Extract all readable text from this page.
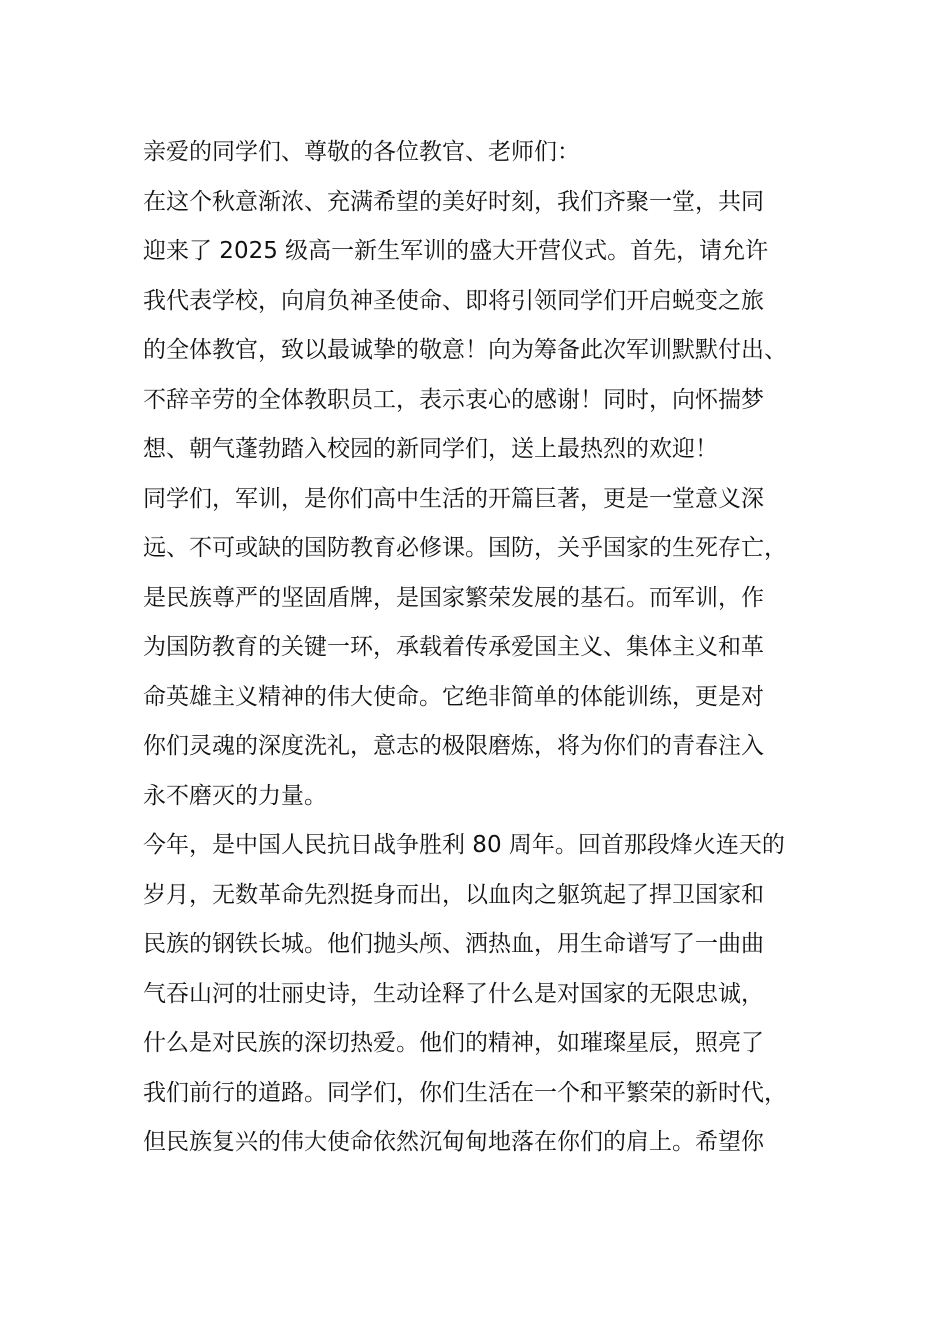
亲爱的同学们、尊敬的各位教官、老师们：
在这个秋意渐浓、充满希望的美好时刻，我们齐聚一堂，共同
迎来了 2025 级高一新生军训的盛大开营仪式。首先，请允许
我代表学校，向肩负神圣使命、即将引领同学们开启蜕变之旅
的全体教官，致以最诚挚的敬意！向为筹备此次军训默默付出、
不辞辛劳的全体教职员工，表示衷心的感谢！同时，向怀揣梦
想、朝气蓬勃踏入校园的新同学们，送上最热烈的欢迎！
同学们，军训，是你们高中生活的开篇巨著，更是一堂意义深
远、不可或缺的国防教育必修课。国防，关乎国家的生死存亡，
是民族尊严的坚固盾牌，是国家繁荣发展的基石。而军训，作
为国防教育的关键一环，承载着传承爱国主义、集体主义和革
命英雄主义精神的伟大使命。它绝非简单的体能训练，更是对
你们灵魂的深度洗礼，意志的极限磨炼，将为你们的青春注入
永不磨灭的力量。
今年，是中国人民抗日战争胜利 80 周年。回首那段烽火连天的
岁月，无数革命先烈挺身而出，以血肉之躯筑起了捍卫国家和
民族的钢铁长城。他们抛头颅、洒热血，用生命谱写了一曲曲
气吞山河的壮丽史诗，生动诠释了什么是对国家的无限忠诚，
什么是对民族的深切热爱。他们的精神，如璀璨星辰，照亮了
我们前行的道路。同学们，你们生活在一个和平繁荣的新时代，
但民族复兴的伟大使命依然沉甸甸地落在你们的肩上。希望你
